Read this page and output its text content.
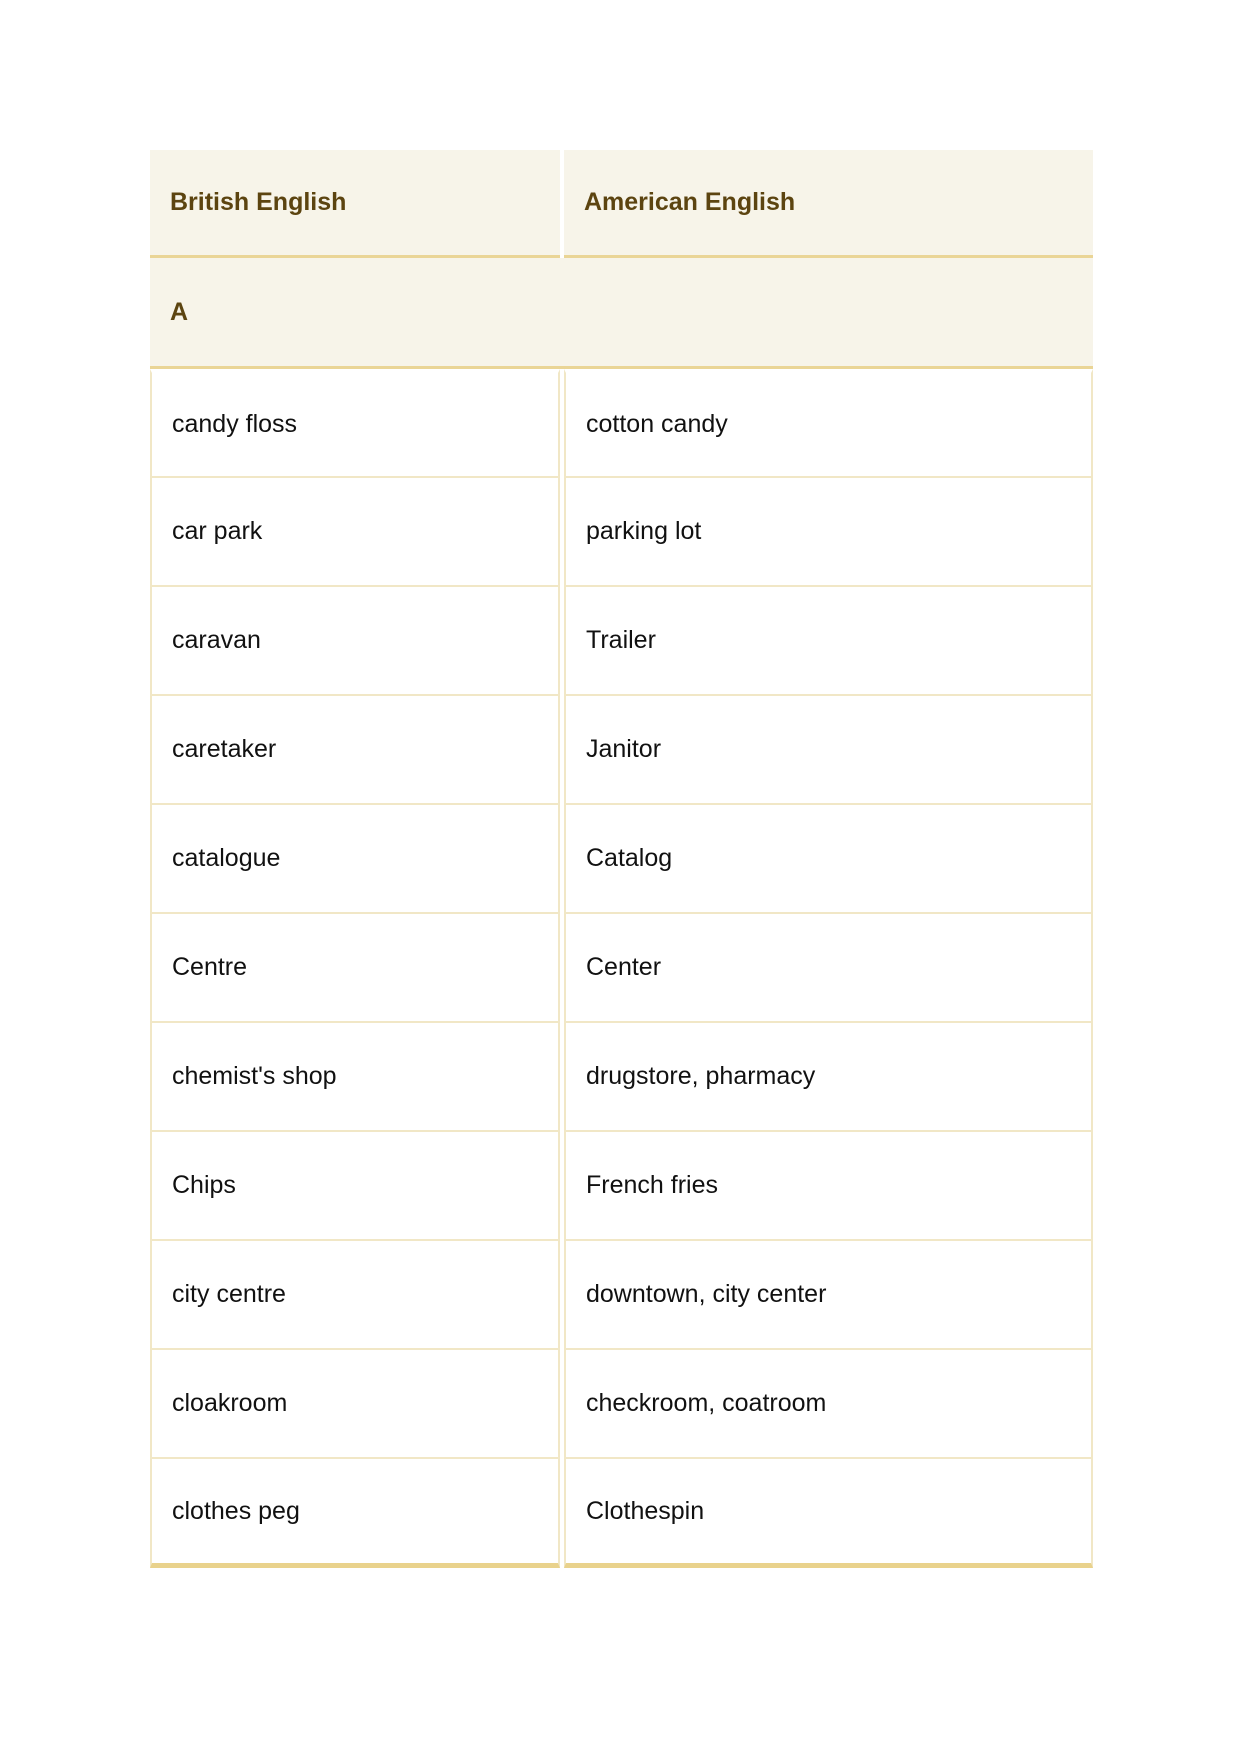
British English	American English
A	
candy floss	cotton candy
car park	parking lot
caravan	Trailer
caretaker	Janitor
catalogue	Catalog
Centre	Center
chemist's shop	drugstore, pharmacy
Chips	French fries
city centre	downtown, city center
cloakroom	checkroom, coatroom
clothes peg	Clothespin
